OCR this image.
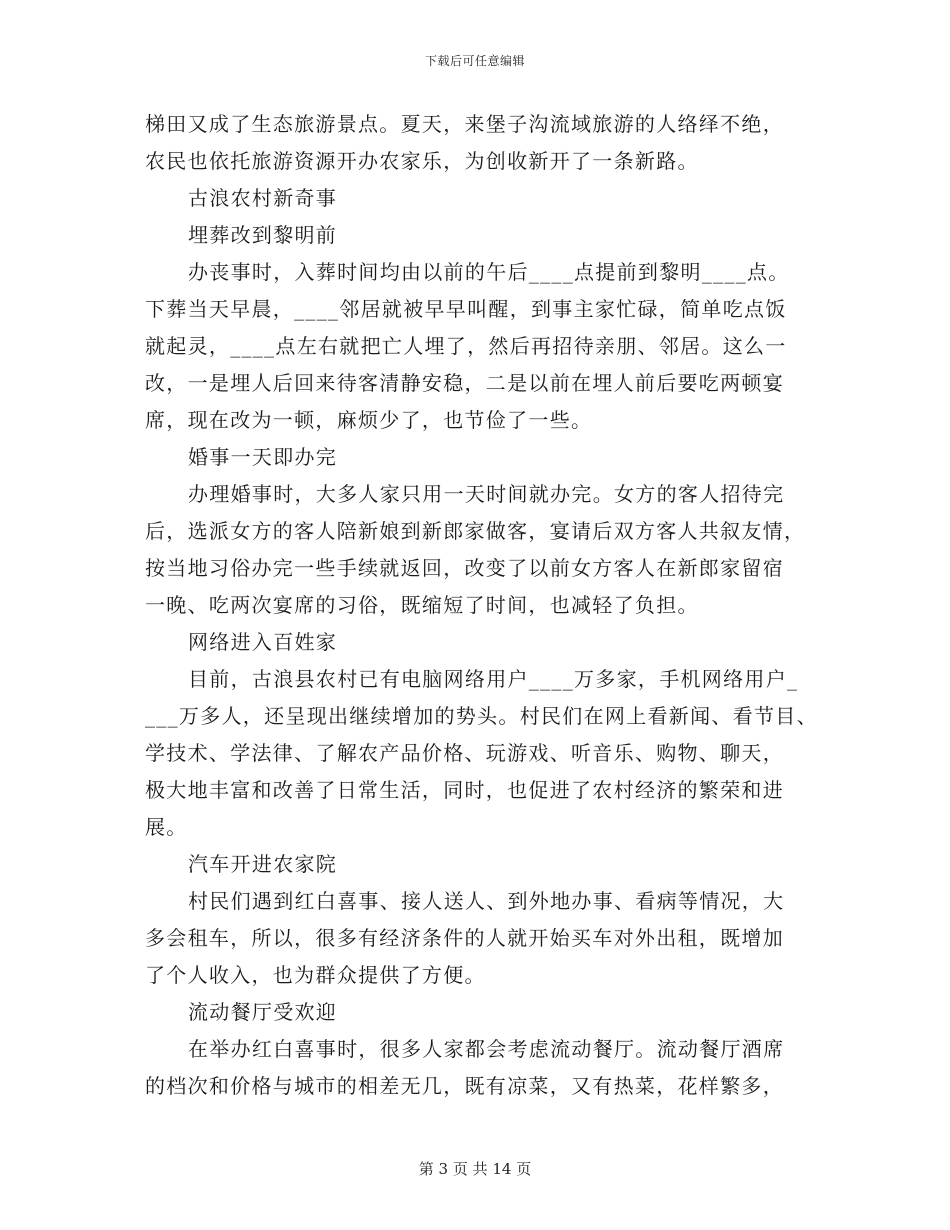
下载后可任意编辑
梯田又成了生态旅游景点。夏天，来堡子沟流域旅游的人络绎不绝，
农民也依托旅游资源开办农家乐，为创收新开了一条新路。
古浪农村新奇事
埋葬改到黎明前
办丧事时，入葬时间均由以前的午后____点提前到黎明____点。
下葬当天早晨，____邻居就被早早叫醒，到事主家忙碌，简单吃点饭
就起灵，____点左右就把亡人埋了，然后再招待亲朋、邻居。这么一
改，一是埋人后回来待客清静安稳，二是以前在埋人前后要吃两顿宴
席，现在改为一顿，麻烦少了，也节俭了一些。
婚事一天即办完
办理婚事时，大多人家只用一天时间就办完。女方的客人招待完
后，选派女方的客人陪新娘到新郎家做客，宴请后双方客人共叙友情，
按当地习俗办完一些手续就返回，改变了以前女方客人在新郎家留宿
一晚、吃两次宴席的习俗，既缩短了时间，也减轻了负担。
网络进入百姓家
目前，古浪县农村已有电脑网络用户____万多家，手机网络用户_
___万多人，还呈现出继续增加的势头。村民们在网上看新闻、看节目、
学技术、学法律、了解农产品价格、玩游戏、听音乐、购物、聊天，
极大地丰富和改善了日常生活，同时，也促进了农村经济的繁荣和进
展。
汽车开进农家院
村民们遇到红白喜事、接人送人、到外地办事、看病等情况，大
多会租车，所以，很多有经济条件的人就开始买车对外出租，既增加
了个人收入，也为群众提供了方便。
流动餐厅受欢迎
在举办红白喜事时，很多人家都会考虑流动餐厅。流动餐厅酒席
的档次和价格与城市的相差无几，既有凉菜，又有热菜，花样繁多，
第 3 页 共 14 页
